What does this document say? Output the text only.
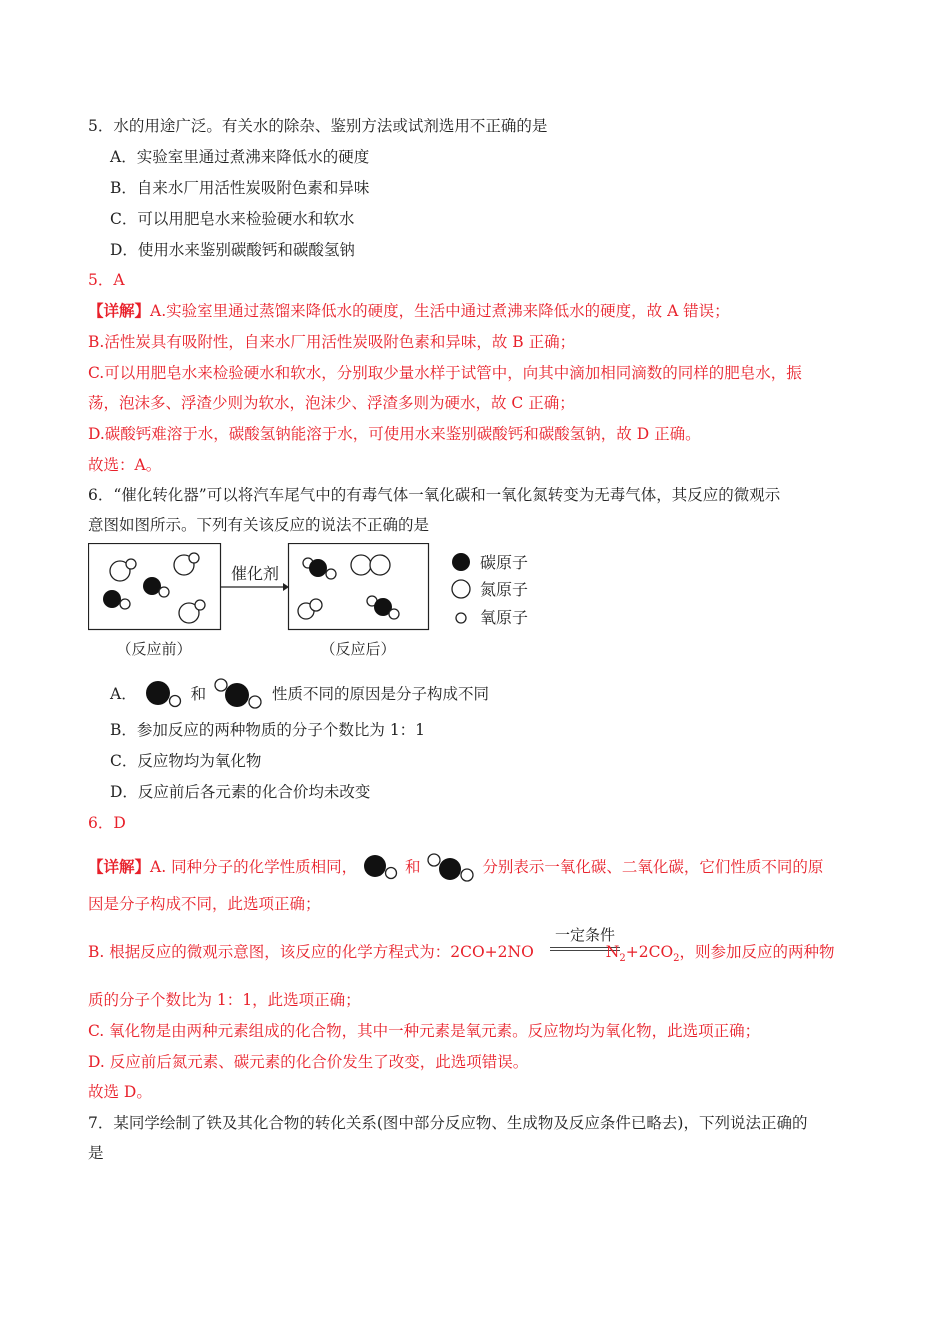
5．水的用途广泛。有关水的除杂、鉴别方法或试剂选用不正确的是
A．实验室里通过煮沸来降低水的硬度
B．自来水厂用活性炭吸附色素和异味
C．可以用肥皂水来检验硬水和软水
D．使用水来鉴别碳酸钙和碳酸氢钠
5．A
【详解】A.实验室里通过蒸馏来降低水的硬度，生活中通过煮沸来降低水的硬度，故 A 错误；
B.活性炭具有吸附性，自来水厂用活性炭吸附色素和异味，故 B 正确；
C.可以用肥皂水来检验硬水和软水，分别取少量水样于试管中，向其中滴加相同滴数的同样的肥皂水，振
荡，泡沫多、浮渣少则为软水，泡沫少、浮渣多则为硬水，故 C 正确；
D.碳酸钙难溶于水，碳酸氢钠能溶于水，可使用水来鉴别碳酸钙和碳酸氢钠，故 D 正确。
故选：A。
6．“催化转化器”可以将汽车尾气中的有毒气体一氧化碳和一氧化氮转变为无毒气体，其反应的微观示
意图如图所示。下列有关该反应的说法不正确的是
催化剂
（反应前）	（反应后）
碳原子
氮原子
氧原子
A．	和	性质不同的原因是分子构成不同
B．参加反应的两种物质的分子个数比为 1：1
C．反应物均为氧化物
D．反应前后各元素的化合价均未改变
6．D
【详解】A. 同种分子的化学性质相同，	和	分别表示一氧化碳、二氧化碳，它们性质不同的原
因是分子构成不同，此选项正确；
一定条件
B. 根据反应的微观示意图，该反应的化学方程式为：2CO+2NO	$N_2+2CO_2$，则参加反应的两种物
质的分子个数比为 1：1，此选项正确；
C. 氧化物是由两种元素组成的化合物，其中一种元素是氧元素。反应物均为氧化物，此选项正确；
D. 反应前后氮元素、碳元素的化合价发生了改变，此选项错误。
故选 D。
7．某同学绘制了铁及其化合物的转化关系(图中部分反应物、生成物及反应条件已略去)，下列说法正确的
是
